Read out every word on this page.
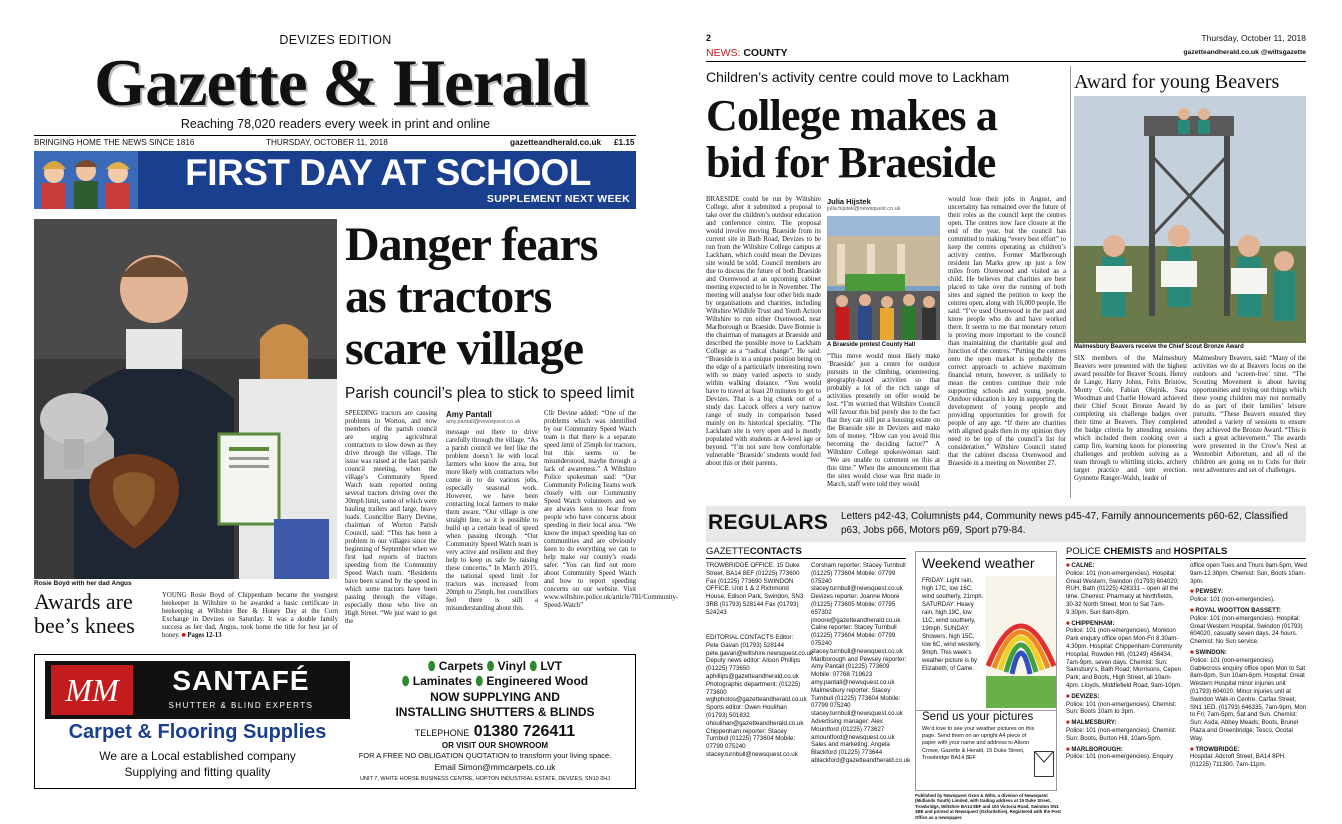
DEVIZES EDITION
Gazette & Herald
Reaching 78,020 readers every week in print and online
BRINGING HOME THE NEWS SINCE 1816	THURSDAY, OCTOBER 11, 2018	gazetteandherald.co.uk £1.15
FIRST DAY AT SCHOOL
SUPPLEMENT NEXT WEEK
Rosie Boyd with her dad Angus
Awards are bee’s knees
YOUNG Rosie Boyd of Chippenham became the youngest beekeeper in Wiltshire to be awarded a basic certificate in beekeeping at Wiltshire Bee & Honey Day at the Corn Exchange in Devizes on Saturday. It was a double family success as her dad, Angus, took home the title for best jar of honey. ■ Pages 12-13
Danger fears as tractors scare village
Parish council’s plea to stick to speed limit
SPEEDING tractors are causing problems in Worton, and now members of the parish council are urging agricultural contractors to slow down as they drive through the village. The issue was raised at the last parish council meeting, when the village’s Community Speed Watch team reported noting several tractors driving over the 30mph limit, some of which were hauling trailers and large, heavy loads. Councillor Barry Devine, chairman of Worton Parish Council, said: “This has been a problem in our villages since the beginning of September when we first had reports of tractors speeding from the Community Speed Watch team. “Residents have been scared by the speed in which some tractors have been passing through the village, especially those who live on High Street. “We just want to get the
Amy Pantall
amy.pantall@newsquest.co.uk
message out there to drive carefully through the village. “As a parish council we feel like the problem doesn’t lie with local farmers who know the area, but more likely with contractors who come in to do various jobs, especially seasonal work. However, we have been contacting local farmers to make them aware. “Our village is one straight line, so it is possible to build up a certain head of speed when passing through. “Our Community Speed Watch team is very active and resilient and they help to keep us safe by raising these concerns.” In March 2015, the national speed limit for tractors was increased from 20mph to 25mph, but councillors feel there is still a misunderstanding about this.
Cllr Devine added: “One of the problems which was identified by our Community Speed Watch team is that there is a separate speed limit of 25mph for tractors, but this seems to be misunderstood, maybe through a lack of awareness.” A Wiltshire Police spokesman said: “Our Community Policing Teams work closely with our Community Speed Watch volunteers and we are always keen to hear from people who have concerns about speeding in their local area. “We know the impact speeding has on communities and are obviously keen to do everything we can to help make our county’s roads safer. “You can find out more about Community Speed Watch and how to report speeding concerns on our website. Visit www.wiltshire.police.uk/article/781/Community-Speed-Watch”
MM	SANTAFÉ
SHUTTER & BLIND EXPERTS
Carpet & Flooring Supplies
We are a Local established company
Supplying and fitting quality
⬮ Carpets ⬮ Vinyl ⬮ LVT
⬮ Laminates ⬮ Engineered Wood
NOW SUPPLYING AND
INSTALLING SHUTTERS & BLINDS
TELEPHONE 01380 726411
OR VISIT OUR SHOWROOM
FOR A FREE NO OBLIGATION QUOTATION to transform your living space.
Email Simon@mmcarpets.co.uk
UNIT 7, WHITE HORSE BUSINESS CENTRE, HOPTON INDUSTRIAL ESTATE, DEVIZES, SN10 2HJ
2
NEWS: COUNTY
Thursday, October 11, 2018
gazetteandherald.co.uk @wiltsgazette
Children’s activity centre could move to Lackham
College makes a bid for Braeside
BRAESIDE could be run by Wiltshire College, after it submitted a proposal to take over the children’s outdoor education and conference centre. The proposal would involve moving Braeside from its current site in Bath Road, Devizes to be run from the Wiltshire College campus at Lackham, which could mean the Devizes site would be sold. Council members are due to discuss the future of both Braeside and Oxenwood at an upcoming cabinet meeting expected to be in November. The meeting will analyse four other bids made by organisations and charities, including Wiltshire Wildlife Trust and Youth Action Wiltshire to run either Oxenwood, near Marlborough or Braeside. Dave Bonnie is the chairman of managers at Braeside and described the possible move to Lackham College as a “radical change”. He said: “Braeside is in a unique position being on the edge of a particularly interesting town with so many varied aspects to study within walking distance. “You would have to travel at least 20 minutes to get to Devizes. That is a big chunk out of a study day. Lacock offers a very narrow range of study in comparison based mainly on its historical speciality. “The Lackham site is very open and is mostly populated with students at A-level age or beyond. “I’m not sure how comfortable vulnerable ‘Braeside’ students would feel about this or their parents.
Julia Hijstek
julia.hijstek@newsquest.co.uk
A Braeside protest County Hall
“This move would most likely make ‘Braeside’ just a centre for outdoor pursuits in the climbing, orienteering, geography-based activities so that probably a lot of the rich range of activities presently on offer would be lost. “I’m worried that Wiltshire Council will favour this bid purely due to the fact that they can still put a housing estate on the Braeside site in Devizes and make lots of money. “How can you avoid this becoming the deciding factor?” A Wiltshire College spokeswoman said: “We are unable to comment on this at this time.” When the announcement that the sites would close was first made in March, staff were told they would
would lose their jobs in August, and uncertainty has remained over the future of their roles as the council kept the centres open. The centres now face closure at the end of the year, but the council has committed to making “every best effort” to keep the centres operating as children’s activity centres. Former Marlborough resident Ian Marks grew up just a few miles from Oxenwood and visited as a child. He believes that charities are best placed to take over the running of both sites and signed the petition to keep the centres open, along with 16,000 people. He said: “I’ve used Oxenwood in the past and know people who do and have worked there. It seems to me that monetary return is proving more important to the council than maintaining the charitable goal and function of the centres. “Putting the centres onto the open market is probably the correct approach to achieve maximum financial return, however, is unlikely to mean the centres continue their role supporting schools and young people. Outdoor education is key in supporting the development of young people and providing opportunities for growth for people of any age. “If there are charities with aligned goals then in my opinion they need to be top of the council’s list for consideration.” Wiltshire Council stated that the cabinet discuss Oxenwood and Braeside in a meeting on November 27.
Award for young Beavers
Malmesbury Beavers receive the Chief Scout Bronze Award
SIX members of the Malmesbury Beavers were presented with the highest award possible for Beaver Scouts. Henry de Lange, Harry Johns, Felix Bristow, Monty Cole, Fabian Olejnik, Sara Woodman and Charlie Howard achieved their Chief Scout Bronze Award by completing six challenge badges over their time at Beavers. They completed the badge criteria by attending sessions which included them cooking over a camp fire, learning knots for pioneering challenges and problem solving as a team through to whittling sticks, archery target practice and tent erection. Gynnette Ranger-Walsh, leader of
Malmesbury Beavers, said: “Many of the activities we do at Beavers focus on the outdoors and ‘screen-free’ time. “The Scouting Movement is about having opportunities and trying out things which these young children may not normally do as part of their families’ leisure pursuits. “These Beavers ensured they attended a variety of sessions to ensure they achieved the Bronze Award. “This is such a great achievement.” The awards were presented in the Crow’s Nest at Westonbirt Arboretum, and all of the children are going on to Cubs for their next adventures and set of challenges.
REGULARS Letters p42-43, Columnists p44, Community news p45-47, Family announcements p60-62, Classified p63, Jobs p66, Motors p69, Sport p79-84.
GAZETTECONTACTS
TROWBRIDGE OFFICE: 15 Duke Street, BA14 8EF (01225) 773600 Fax (01225) 773690 SWINDON OFFICE: Unit 1 & 2 Richmond House, Edison Park, Swindon, SN3 3RB (01793) 528144 Fax (01793) 524243
EDITORIAL CONTACTS Editor: Pete Gavan (01793) 528144 pete.gavan@wiltshire.newsquest.co.uk Deputy news editor: Alison Phillips (01225) 773650 aphillips@gazetteandherald.co.uk Photographic department: (01225) 773600 wghphotos@gazetteandherald.co.uk Sports editor: Owen Houlihan (01793) 501832 ohoulihan@gazetteandherald.co.uk Chippenham reporter: Stacey Turnbull (01225) 773604 Mobile: 07799 075240 stacey.turnbull@newsquest.co.uk
Corsham reporter: Stacey Turnbull (01225) 773604 Mobile: 07799 075240 stacey.turnbull@newsquest.co.uk Devizes reporter: Joanne Moore (01225) 773605 Mobile: 07795 657302 jmoore@gazetteandherald.co.uk Calne reporter: Stacey Turnbull (01225) 773604 Mobile: 07799 075240 stacey.turnbull@newsquest.co.uk Marlborough and Pewsey reporter: Amy Pantall (01225) 773609 Mobile: 07768 719623 amy.pantall@newsquest.co.uk Malmesbury reporter: Stacey Turnbull (01225) 773604 Mobile: 07799 075240 stacey.turnbull@newsquest.co.uk Advertising manager: Alex Mountford (01225) 773627 amountford@newsquest.co.uk Sales and marketing: Angela Blackford (01225) 773644 ablackford@gazetteandherald.co.uk
Weekend weather
FRIDAY: Light rain, high 17C, low 16C, wind southerly, 21mph. SATURDAY: Heavy rain, high 19C, low 11C, wind southerly, 19mph. SUNDAY: Showers, high 15C, low 6C, wind westerly, 9mph. This week’s weather picture is by Elizabeth, of Calne.
Send us your pictures
We’d love to see your weather pictures on this page. Send them on an upright A4 piece of paper with your name and address to Alison Crowe, Gazette & Herald, 15 Duke Street, Trowbridge BA14 8EF
Published by Newsquest Oxon & Wilts, a division of Newsquest (Midlands South) Limited, with trading address at 15 Duke Street, Trowbridge, Wiltshire BA14 8EF and 100 Victoria Road, Swindon SN1 3BE and printed at Newsquest (Oxfordshire). Registered with the Post Office as a newspaper.
POLICE CHEMISTS and HOSPITALS
■ CALNE:
Police: 101 (non-emergencies). Hospital: Great Western, Swindon (01793) 604020; RUH, Bath (01225) 428331 – open all the time. Chemist: Pharmacy at Northfields, 30-32 North Street, Mon to Sat 7am-9.30pm, Sun 8am-8pm.
■ CHIPPENHAM:
Police: 101 (non-emergencies). Monkton Park enquiry office open Mon-Fri 8.30am-4.30pm. Hospital: Chippenham Community Hospital, Rowden Hill, (01249) 456434, 7am-9pm, seven days. Chemist: Sun: Sainsbury’s, Bath Road; Morrisons, Cepen Park; and Boots, High Street, all 10am-4pm. Lloyds, Middlefield Road, 9am-10pm.
■ DEVIZES:
Police: 101 (non-emergencies). Chemist: Sun: Boots 10am to 3pm.
■ MALMESBURY:
Police: 101 (non-emergencies). Chemist: Sun: Boots, Burton Hill, 10am-5pm.
■ MARLBOROUGH:
Police: 101 (non-emergencies). Enquiry
office open Tues and Thurs 9am-5pm, Wed 9am-12.30pm. Chemist: Sun, Boots 10am-3pm.
■ PEWSEY:
Police: 101 (non-emergencies).
■ ROYAL WOOTTON BASSETT:
Police: 101 (non-emergencies). Hospital: Great Western Hospital, Swindon (01793) 604020, casualty seven days, 24 hours. Chemist: No Sun service.
■ SWINDON:
Police: 101 (non-emergencies). Gablecross enquiry office open Mon to Sat 8am-8pm, Sun 10am-6pm. Hospital: Great Western Hospital minor injuries unit (01793) 604020. Minor injuries unit at Swindon Walk-in Centre, Carfax Street, SN1 1ED. (01793) 646335, 7am-9pm, Mon to Fri; 7am-5pm, Sat and Sun. Chemist: Sun: Asda, Abbey Meads; Boots, Brunel Plaza and Greenbridge; Tesco, Ocotal Way.
■ TROWBRIDGE:
Hospital: Adcroft Street, BA14 8PH. (01225) 711300. 7am-11pm.
